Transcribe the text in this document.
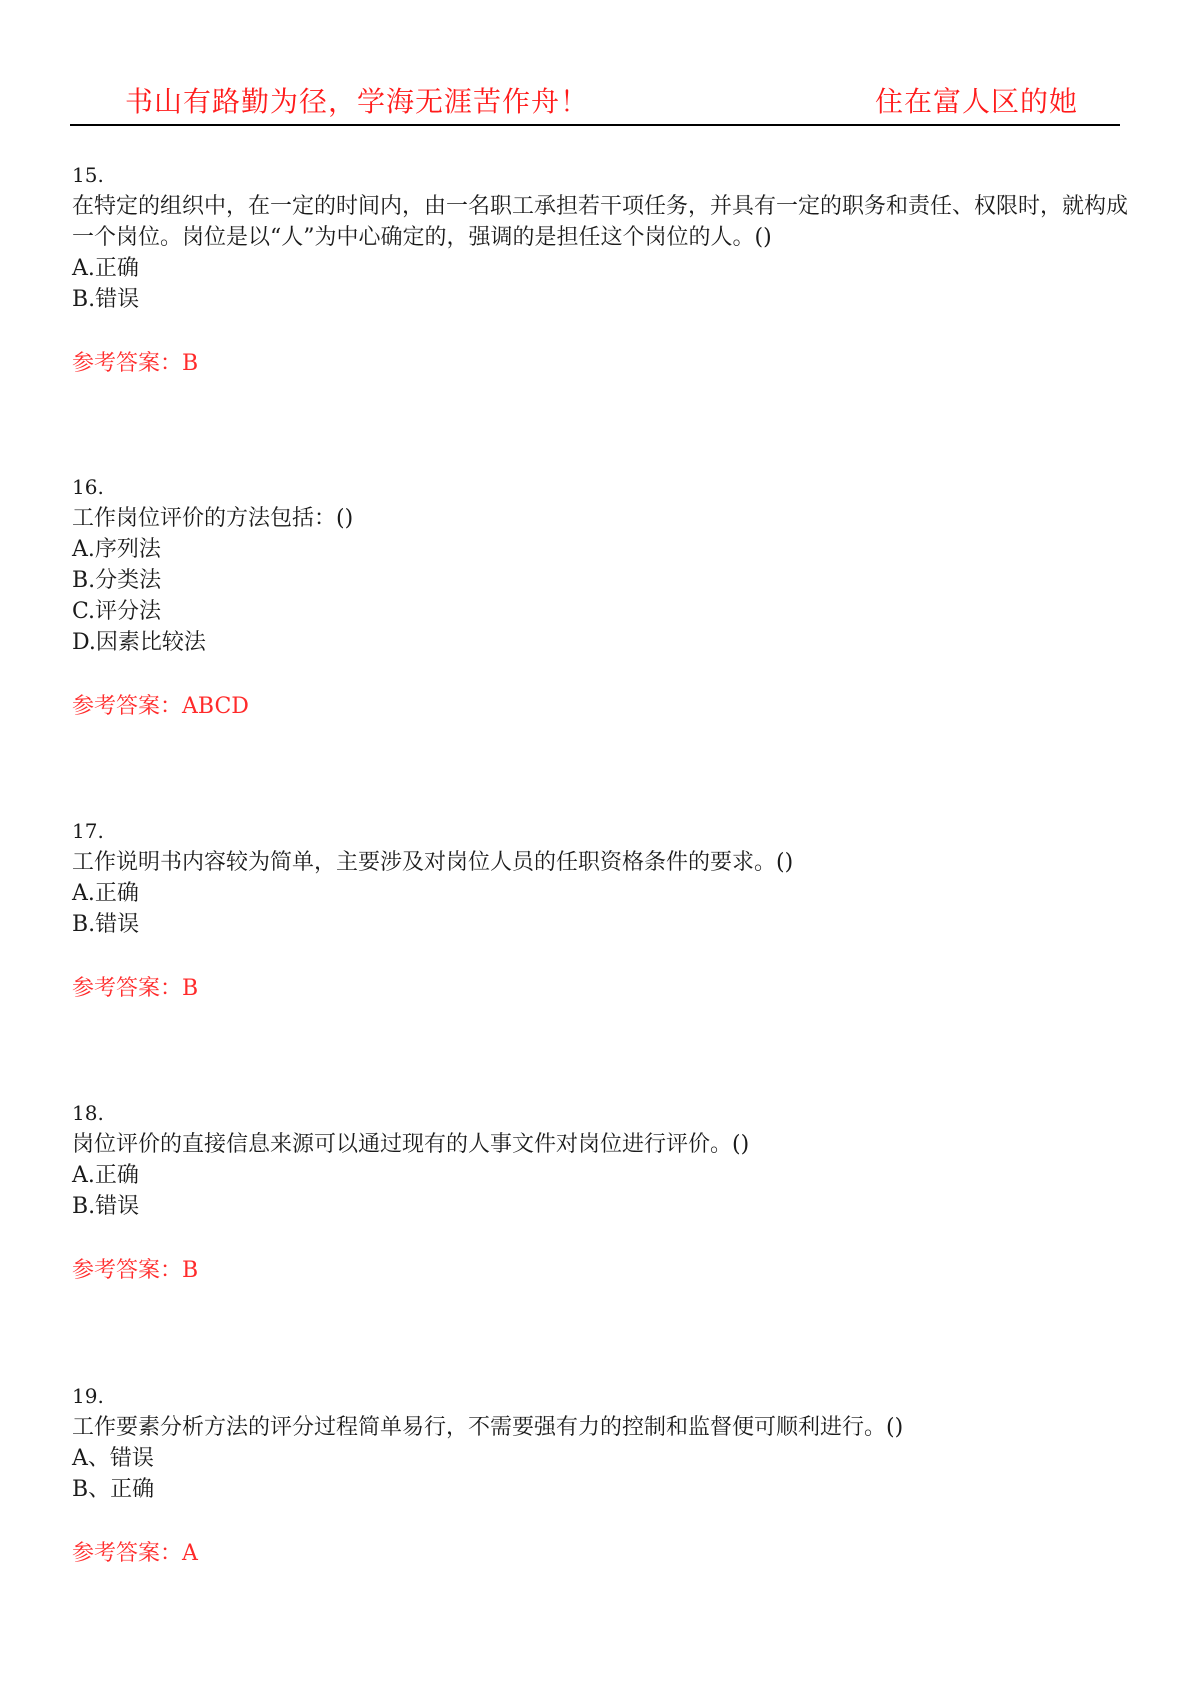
书山有路勤为径，学海无涯苦作舟！	住在富人区的她
15.
在特定的组织中，在一定的时间内，由一名职工承担若干项任务，并具有一定的职务和责任、权限时，就构成一个岗位。岗位是以“人”为中心确定的，强调的是担任这个岗位的人。()
A.正确
B.错误
参考答案：B
16.
工作岗位评价的方法包括：()
A.序列法
B.分类法
C.评分法
D.因素比较法
参考答案：ABCD
17.
工作说明书内容较为简单，主要涉及对岗位人员的任职资格条件的要求。()
A.正确
B.错误
参考答案：B
18.
岗位评价的直接信息来源可以通过现有的人事文件对岗位进行评价。()
A.正确
B.错误
参考答案：B
19.
工作要素分析方法的评分过程简单易行，不需要强有力的控制和监督便可顺利进行。()
A、错误
B、正确
参考答案：A
